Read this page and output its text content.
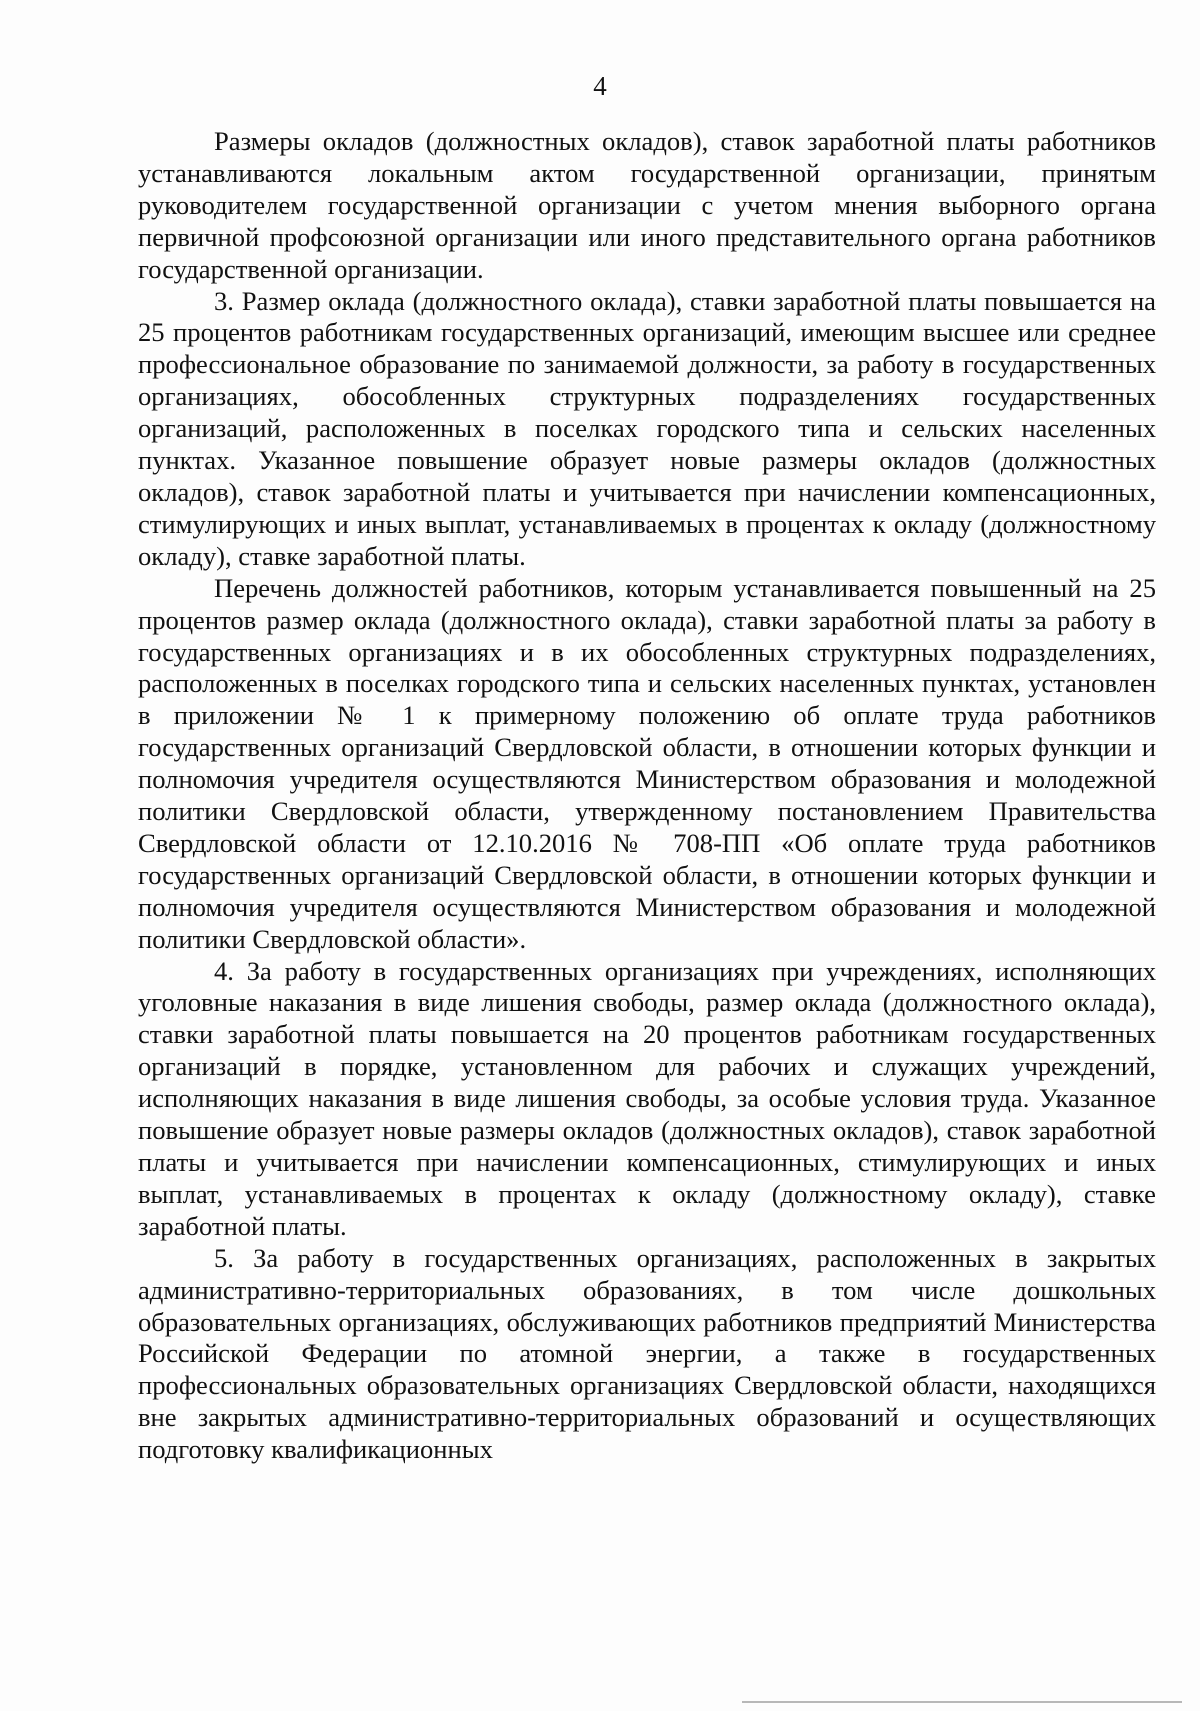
4

Размеры окладов (должностных окладов), ставок заработной платы работников устанавливаются локальным актом государственной организации, принятым руководителем государственной организации с учетом мнения выборного органа первичной профсоюзной организации или иного представительного органа работников государственной организации.

3. Размер оклада (должностного оклада), ставки заработной платы повышается на 25 процентов работникам государственных организаций, имеющим высшее или среднее профессиональное образование по занимаемой должности, за работу в государственных организациях, обособленных структурных подразделениях государственных организаций, расположенных в поселках городского типа и сельских населенных пунктах. Указанное повышение образует новые размеры окладов (должностных окладов), ставок заработной платы и учитывается при начислении компенсационных, стимулирующих и иных выплат, устанавливаемых в процентах к окладу (должностному окладу), ставке заработной платы.

Перечень должностей работников, которым устанавливается повышенный на 25 процентов размер оклада (должностного оклада), ставки заработной платы за работу в государственных организациях и в их обособленных структурных подразделениях, расположенных в поселках городского типа и сельских населенных пунктах, установлен в приложении № 1 к примерному положению об оплате труда работников государственных организаций Свердловской области, в отношении которых функции и полномочия учредителя осуществляются Министерством образования и молодежной политики Свердловской области, утвержденному постановлением Правительства Свердловской области от 12.10.2016 № 708-ПП «Об оплате труда работников государственных организаций Свердловской области, в отношении которых функции и полномочия учредителя осуществляются Министерством образования и молодежной политики Свердловской области».

4. За работу в государственных организациях при учреждениях, исполняющих уголовные наказания в виде лишения свободы, размер оклада (должностного оклада), ставки заработной платы повышается на 20 процентов работникам государственных организаций в порядке, установленном для рабочих и служащих учреждений, исполняющих наказания в виде лишения свободы, за особые условия труда. Указанное повышение образует новые размеры окладов (должностных окладов), ставок заработной платы и учитывается при начислении компенсационных, стимулирующих и иных выплат, устанавливаемых в процентах к окладу (должностному окладу), ставке заработной платы.

5. За работу в государственных организациях, расположенных в закрытых административно-территориальных образованиях, в том числе дошкольных образовательных организациях, обслуживающих работников предприятий Министерства Российской Федерации по атомной энергии, а также в государственных профессиональных образовательных организациях Свердловской области, находящихся вне закрытых административно-территориальных образований и осуществляющих подготовку квалификационных
